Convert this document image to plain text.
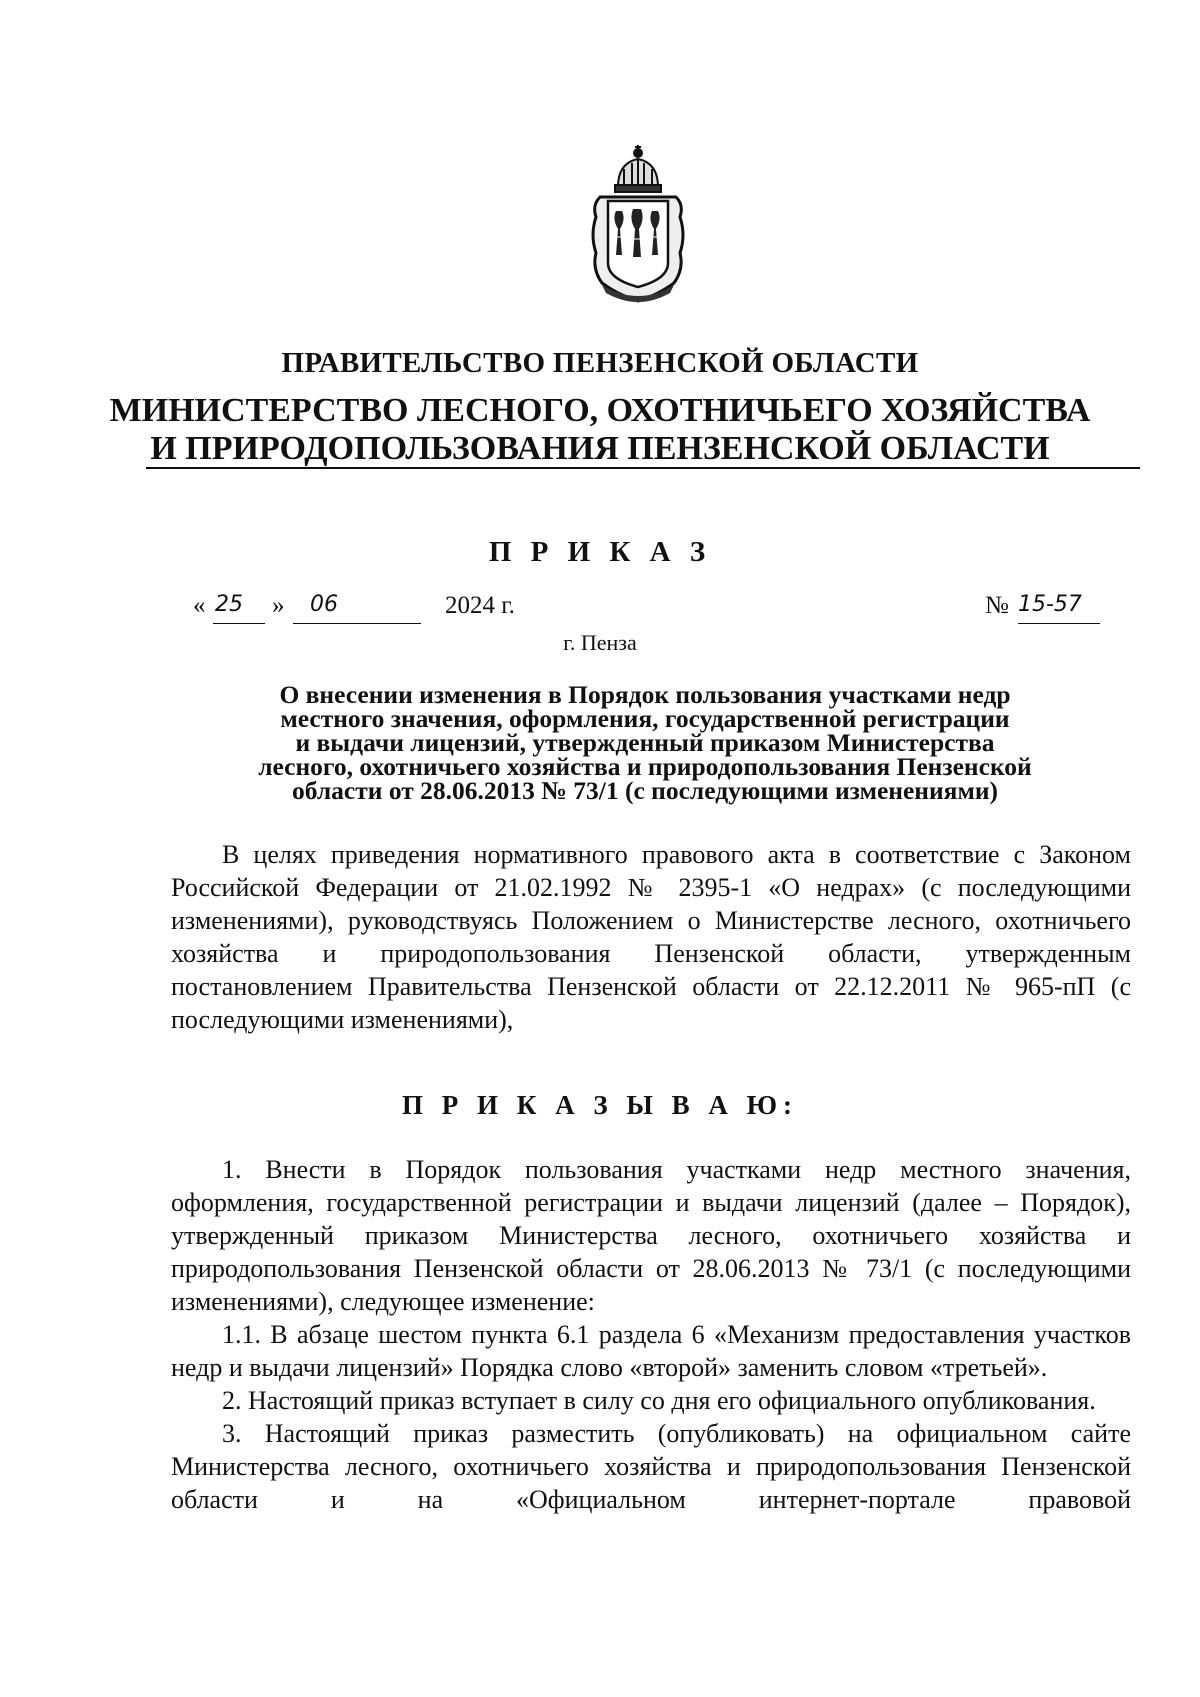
ПРАВИТЕЛЬСТВО ПЕНЗЕНСКОЙ ОБЛАСТИ
МИНИСТЕРСТВО ЛЕСНОГО, ОХОТНИЧЬЕГО ХОЗЯЙСТВА
И ПРИРОДОПОЛЬЗОВАНИЯ ПЕНЗЕНСКОЙ ОБЛАСТИ
П Р И К А З
« 25 » 06	2024 г.	№ 15-57
г. Пенза
О внесении изменения в Порядок пользования участками недр
местного значения, оформления, государственной регистрации
и выдачи лицензий, утвержденный приказом Министерства
лесного, охотничьего хозяйства и природопользования Пензенской
области от 28.06.2013 № 73/1 (с последующими изменениями)
В целях приведения нормативного правового акта в соответствие с Законом Российской Федерации от 21.02.1992 № 2395-1 «О недрах» (с последующими изменениями), руководствуясь Положением о Министерстве лесного, охотничьего хозяйства и природопользования Пензенской области, утвержденным постановлением Правительства Пензенской области от 22.12.2011 № 965-пП (с последующими изменениями),
П Р И К А З Ы В А Ю:

1. Внести в Порядок пользования участками недр местного значения, оформления, государственной регистрации и выдачи лицензий (далее – Порядок), утвержденный приказом Министерства лесного, охотничьего хозяйства и природопользования Пензенской области от 28.06.2013 № 73/1 (с последующими изменениями), следующее изменение:

1.1. В абзаце шестом пункта 6.1 раздела 6 «Механизм предоставления участков недр и выдачи лицензий» Порядка слово «второй» заменить словом «третьей».

2. Настоящий приказ вступает в силу со дня его официального опубликования.

3. Настоящий приказ разместить (опубликовать) на официальном сайте Министерства лесного, охотничьего хозяйства и природопользования Пензенской области и на «Официальном интернет-портале правовой
